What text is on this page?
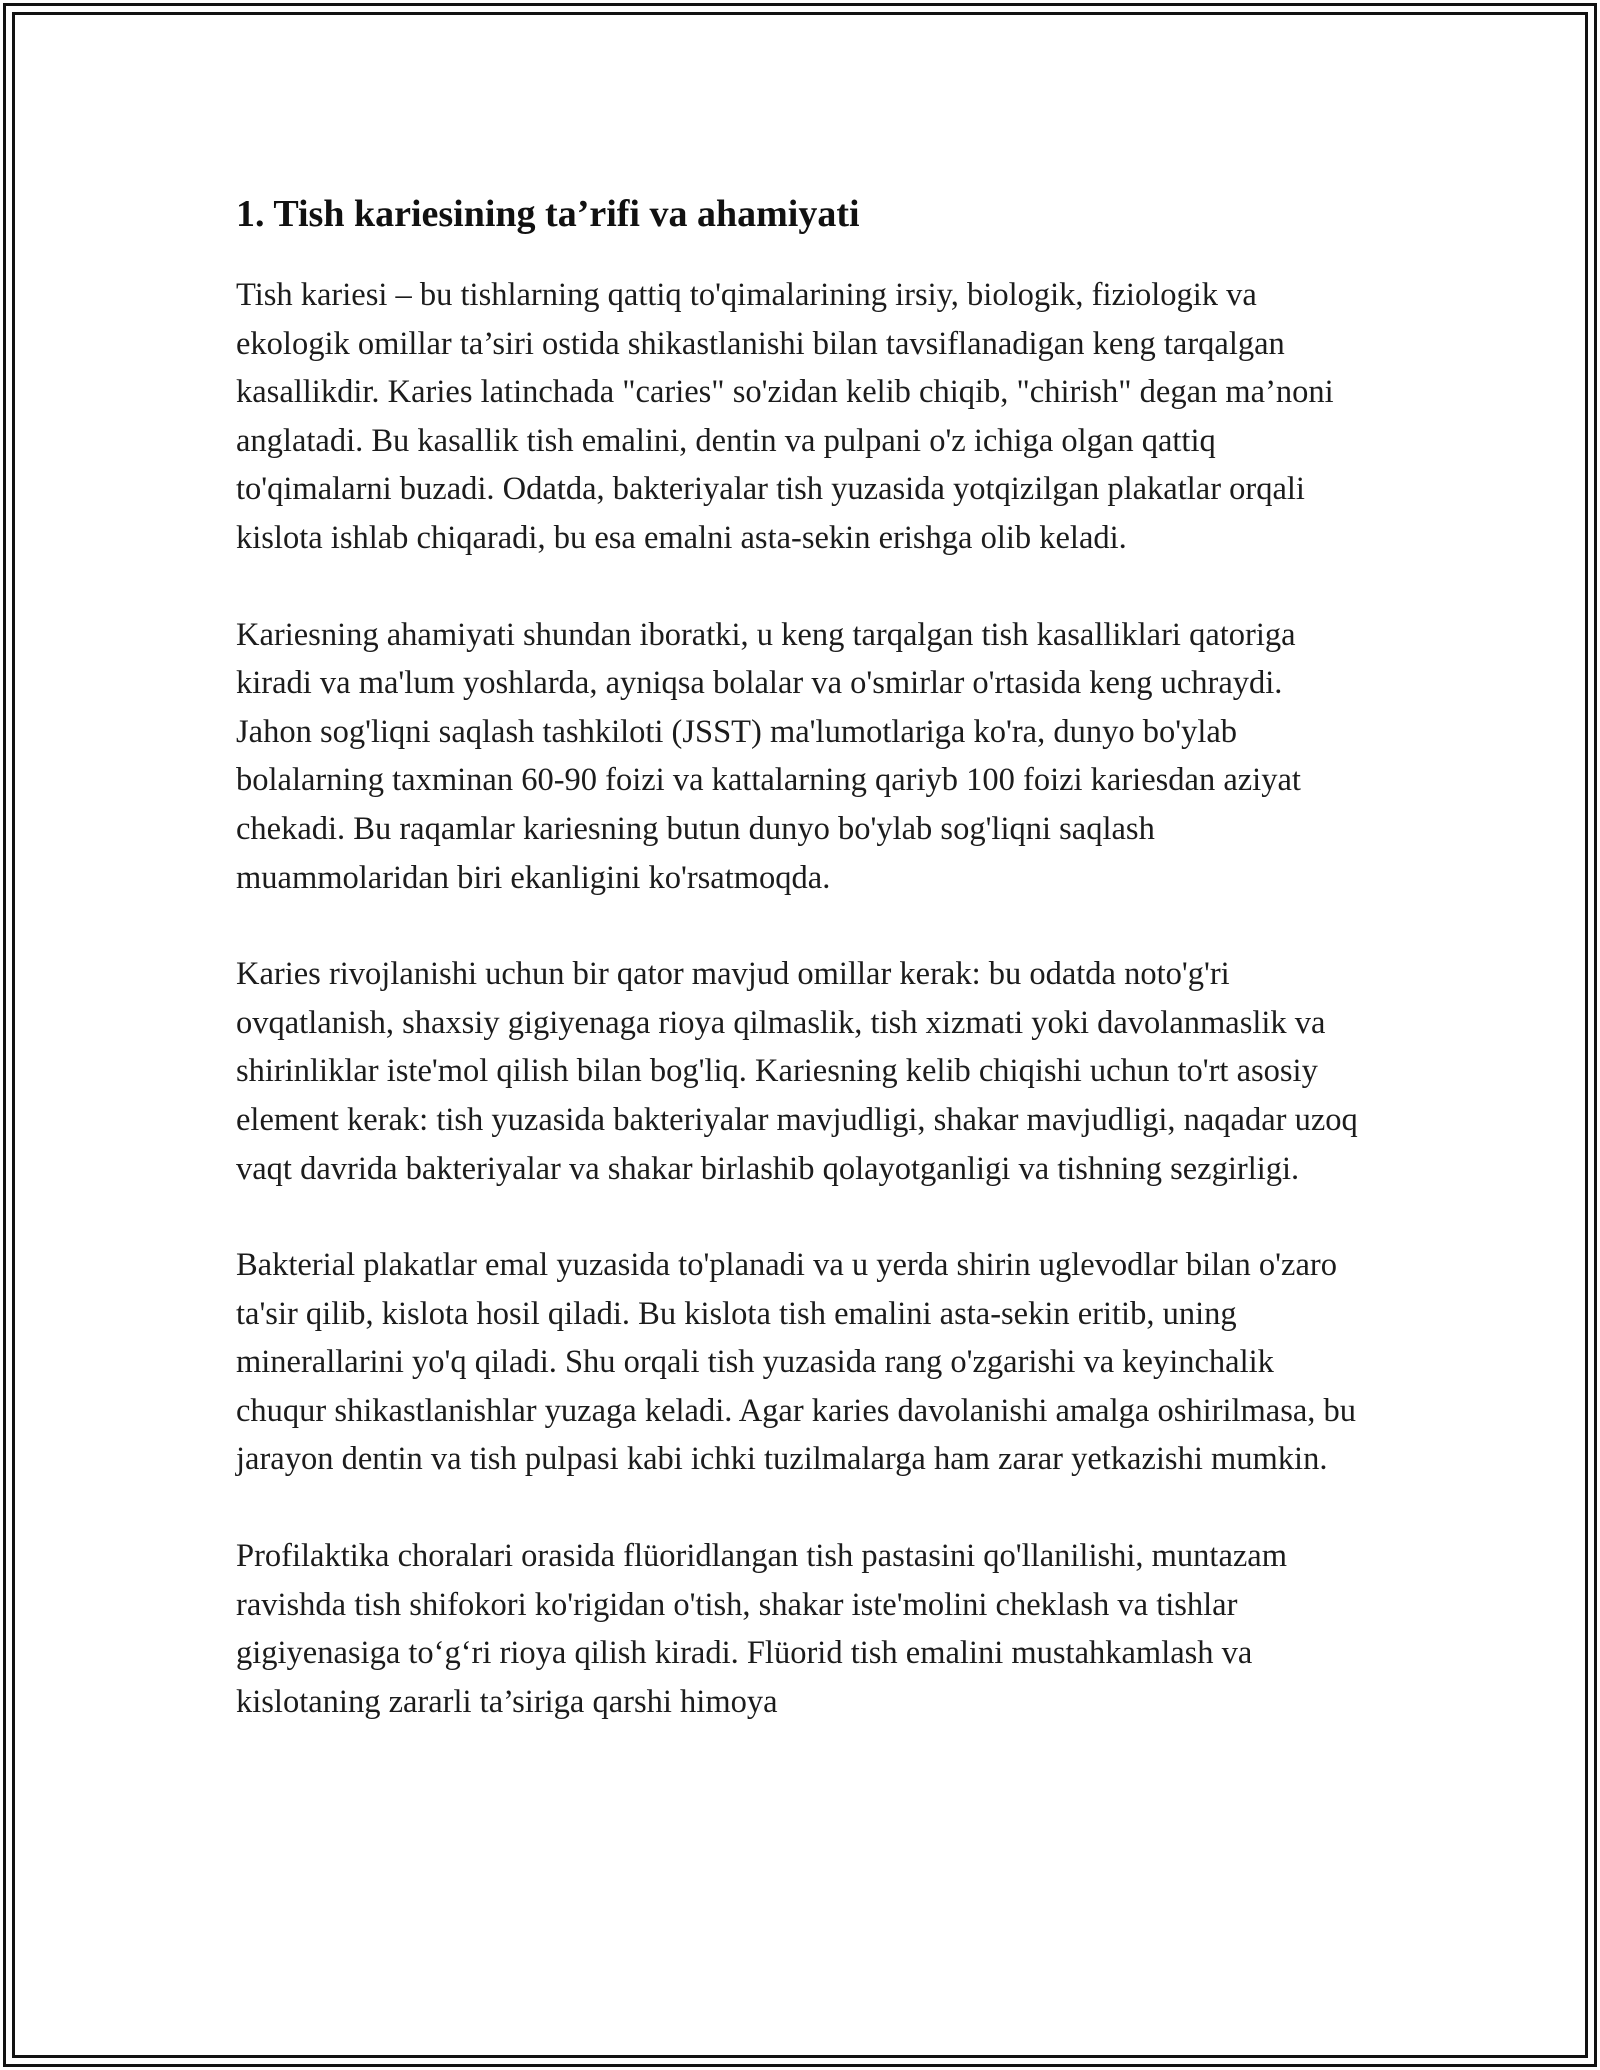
1. Tish kariesining ta’rifi va ahamiyati

Tish kariesi – bu tishlarning qattiq to'qimalarining irsiy, biologik, fiziologik va ekologik omillar ta’siri ostida shikastlanishi bilan tavsiflanadigan keng tarqalgan kasallikdir. Karies latinchada "caries" so'zidan kelib chiqib, "chirish" degan ma’noni anglatadi. Bu kasallik tish emalini, dentin va pulpani o'z ichiga olgan qattiq to'qimalarni buzadi. Odatda, bakteriyalar tish yuzasida yotqizilgan plakatlar orqali kislota ishlab chiqaradi, bu esa emalni asta-sekin erishga olib keladi.

Kariesning ahamiyati shundan iboratki, u keng tarqalgan tish kasalliklari qatoriga kiradi va ma'lum yoshlarda, ayniqsa bolalar va o'smirlar o'rtasida keng uchraydi. Jahon sog'liqni saqlash tashkiloti (JSST) ma'lumotlariga ko'ra, dunyo bo'ylab bolalarning taxminan 60-90 foizi va kattalarning qariyb 100 foizi kariesdan aziyat chekadi. Bu raqamlar kariesning butun dunyo bo'ylab sog'liqni saqlash muammolaridan biri ekanligini ko'rsatmoqda.

Karies rivojlanishi uchun bir qator mavjud omillar kerak: bu odatda noto'g'ri ovqatlanish, shaxsiy gigiyenaga rioya qilmaslik, tish xizmati yoki davolanmaslik va shirinliklar iste'mol qilish bilan bog'liq. Kariesning kelib chiqishi uchun to'rt asosiy element kerak: tish yuzasida bakteriyalar mavjudligi, shakar mavjudligi, naqadar uzoq vaqt davrida bakteriyalar va shakar birlashib qolayotganligi va tishning sezgirligi.

Bakterial plakatlar emal yuzasida to'planadi va u yerda shirin uglevodlar bilan o'zaro ta'sir qilib, kislota hosil qiladi. Bu kislota tish emalini asta-sekin eritib, uning minerallarini yo'q qiladi. Shu orqali tish yuzasida rang o'zgarishi va keyinchalik chuqur shikastlanishlar yuzaga keladi. Agar karies davolanishi amalga oshirilmasa, bu jarayon dentin va tish pulpasi kabi ichki tuzilmalarga ham zarar yetkazishi mumkin.

Profilaktika choralari orasida flüoridlangan tish pastasini qo'llanilishi, muntazam ravishda tish shifokori ko'rigidan o'tish, shakar iste'molini cheklash va tishlar gigiyenasiga to‘g‘ri rioya qilish kiradi. Flüorid tish emalini mustahkamlash va kislotaning zararli ta’siriga qarshi himoya
